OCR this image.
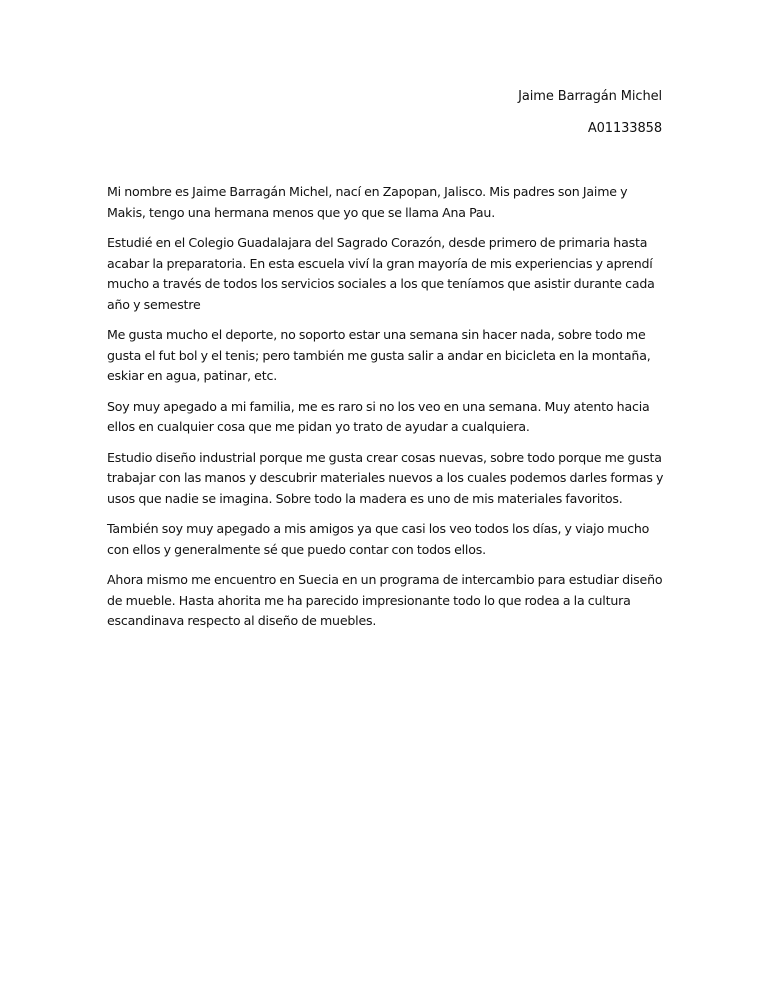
Jaime Barragán Michel
A01133858

Mi nombre es Jaime Barragán Michel, nací en Zapopan, Jalisco. Mis padres son Jaime y Makis, tengo una hermana menos que yo que se llama Ana Pau.

Estudié en el Colegio Guadalajara del Sagrado Corazón, desde primero de primaria hasta acabar la preparatoria. En esta escuela viví la gran mayoría de mis experiencias y aprendí mucho a través de todos los servicios sociales a los que teníamos que asistir durante cada año y semestre

Me gusta mucho el deporte, no soporto estar una semana sin hacer nada, sobre todo me gusta el fut bol y el tenis; pero también me gusta salir a andar en bicicleta en la montaña, eskiar en agua, patinar, etc.

Soy muy apegado a mi familia, me es raro si no los veo en una semana. Muy atento hacia ellos en cualquier cosa que me pidan yo trato de ayudar a cualquiera.

Estudio diseño industrial porque me gusta crear cosas nuevas, sobre todo porque me gusta trabajar con las manos y descubrir materiales nuevos a los cuales podemos darles formas y usos que nadie se imagina. Sobre todo la madera es uno de mis materiales favoritos.

También soy muy apegado a mis amigos ya que casi los veo todos los días, y viajo mucho con ellos y generalmente sé que puedo contar con todos ellos.

Ahora mismo me encuentro en Suecia en un programa de intercambio para estudiar diseño de mueble. Hasta ahorita me ha parecido impresionante todo lo que rodea a la cultura escandinava respecto al diseño de muebles.
